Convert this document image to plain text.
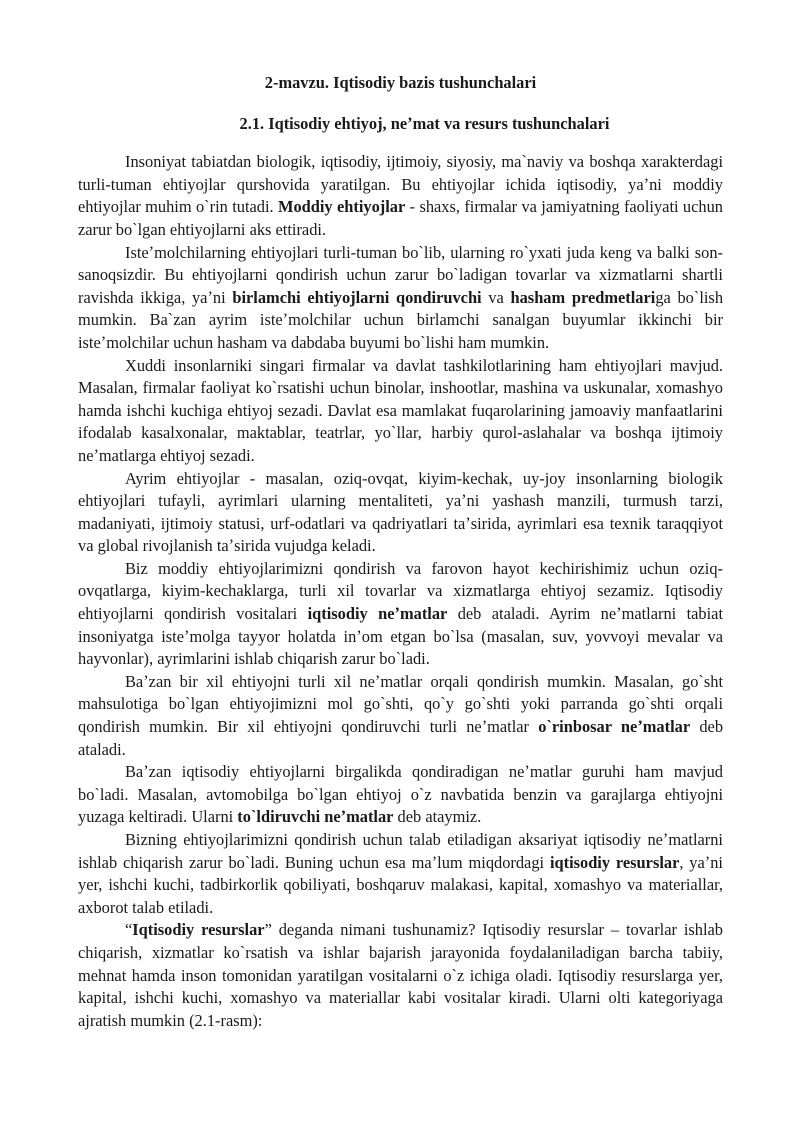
2-mavzu. Iqtisodiy bazis tushunchalari
2.1. Iqtisodiy ehtiyoj, neʼmat va resurs tushunchalari

Insoniyat tabiatdan biologik, iqtisodiy, ijtimoiy, siyosiy, ma`naviy va boshqa xarakterdagi turli-tuman ehtiyojlar qurshovida yaratilgan. Bu ehtiyojlar ichida iqtisodiy, yaʼni moddiy ehtiyojlar muhim o`rin tutadi. Moddiy ehtiyojlar - shaxs, firmalar va jamiyatning faoliyati uchun zarur bo`lgan ehtiyojlarni aks ettiradi.

Isteʼmolchilarning ehtiyojlari turli-tuman bo`lib, ularning ro`yxati juda keng va balki son-sanoqsizdir. Bu ehtiyojlarni qondirish uchun zarur bo`ladigan tovarlar va xizmatlarni shartli ravishda ikkiga, yaʼni birlamchi ehtiyojlarni qondiruvchi va hasham predmetlariga bo`lish mumkin. Ba`zan ayrim isteʼmolchilar uchun birlamchi sanalgan buyumlar ikkinchi bir isteʼmolchilar uchun hasham va dabdaba buyumi bo`lishi ham mumkin.

Xuddi insonlarniki singari firmalar va davlat tashkilotlarining ham ehtiyojlari mavjud. Masalan, firmalar faoliyat ko`rsatishi uchun binolar, inshootlar, mashina va uskunalar, xomashyo hamda ishchi kuchiga ehtiyoj sezadi. Davlat esa mamlakat fuqarolarining jamoaviy manfaatlarini ifodalab kasalxonalar, maktablar, teatrlar, yo`llar, harbiy qurol-aslahalar va boshqa ijtimoiy neʼmatlarga ehtiyoj sezadi.

Ayrim ehtiyojlar - masalan, oziq-ovqat, kiyim-kechak, uy-joy insonlarning biologik ehtiyojlari tufayli, ayrimlari ularning mentaliteti, yaʼni yashash manzili, turmush tarzi, madaniyati, ijtimoiy statusi, urf-odatlari va qadriyatlari taʼsirida, ayrimlari esa texnik taraqqiyot va global rivojlanish taʼsirida vujudga keladi.

Biz moddiy ehtiyojlarimizni qondirish va farovon hayot kechirishimiz uchun oziq-ovqatlarga, kiyim-kechaklarga, turli xil tovarlar va xizmatlarga ehtiyoj sezamiz. Iqtisodiy ehtiyojlarni qondirish vositalari iqtisodiy neʼmatlar deb ataladi. Ayrim neʼmatlarni tabiat insoniyatga isteʼmolga tayyor holatda inʼom etgan bo`lsa (masalan, suv, yovvoyi mevalar va hayvonlar), ayrimlarini ishlab chiqarish zarur bo`ladi.

Baʼzan bir xil ehtiyojni turli xil neʼmatlar orqali qondirish mumkin. Masalan, go`sht mahsulotiga bo`lgan ehtiyojimizni mol go`shti, qo`y go`shti yoki parranda go`shti orqali qondirish mumkin. Bir xil ehtiyojni qondiruvchi turli neʼmatlar o`rinbosar neʼmatlar deb ataladi.

Baʼzan iqtisodiy ehtiyojlarni birgalikda qondiradigan neʼmatlar guruhi ham mavjud bo`ladi. Masalan, avtomobilga bo`lgan ehtiyoj o`z navbatida benzin va garajlarga ehtiyojni yuzaga keltiradi. Ularni to`ldiruvchi neʼmatlar deb ataymiz.

Bizning ehtiyojlarimizni qondirish uchun talab etiladigan aksariyat iqtisodiy neʼmatlarni ishlab chiqarish zarur bo`ladi. Buning uchun esa maʼlum miqdordagi iqtisodiy resurslar, yaʼni yer, ishchi kuchi, tadbirkorlik qobiliyati, boshqaruv malakasi, kapital, xomashyo va materiallar, axborot talab etiladi.

“Iqtisodiy resurslar” deganda nimani tushunamiz? Iqtisodiy resurslar – tovarlar ishlab chiqarish, xizmatlar ko`rsatish va ishlar bajarish jarayonida foydalaniladigan barcha tabiiy, mehnat hamda inson tomonidan yaratilgan vositalarni o`z ichiga oladi. Iqtisodiy resurslarga yer, kapital, ishchi kuchi, xomashyo va materiallar kabi vositalar kiradi. Ularni olti kategoriyaga ajratish mumkin (2.1-rasm):
